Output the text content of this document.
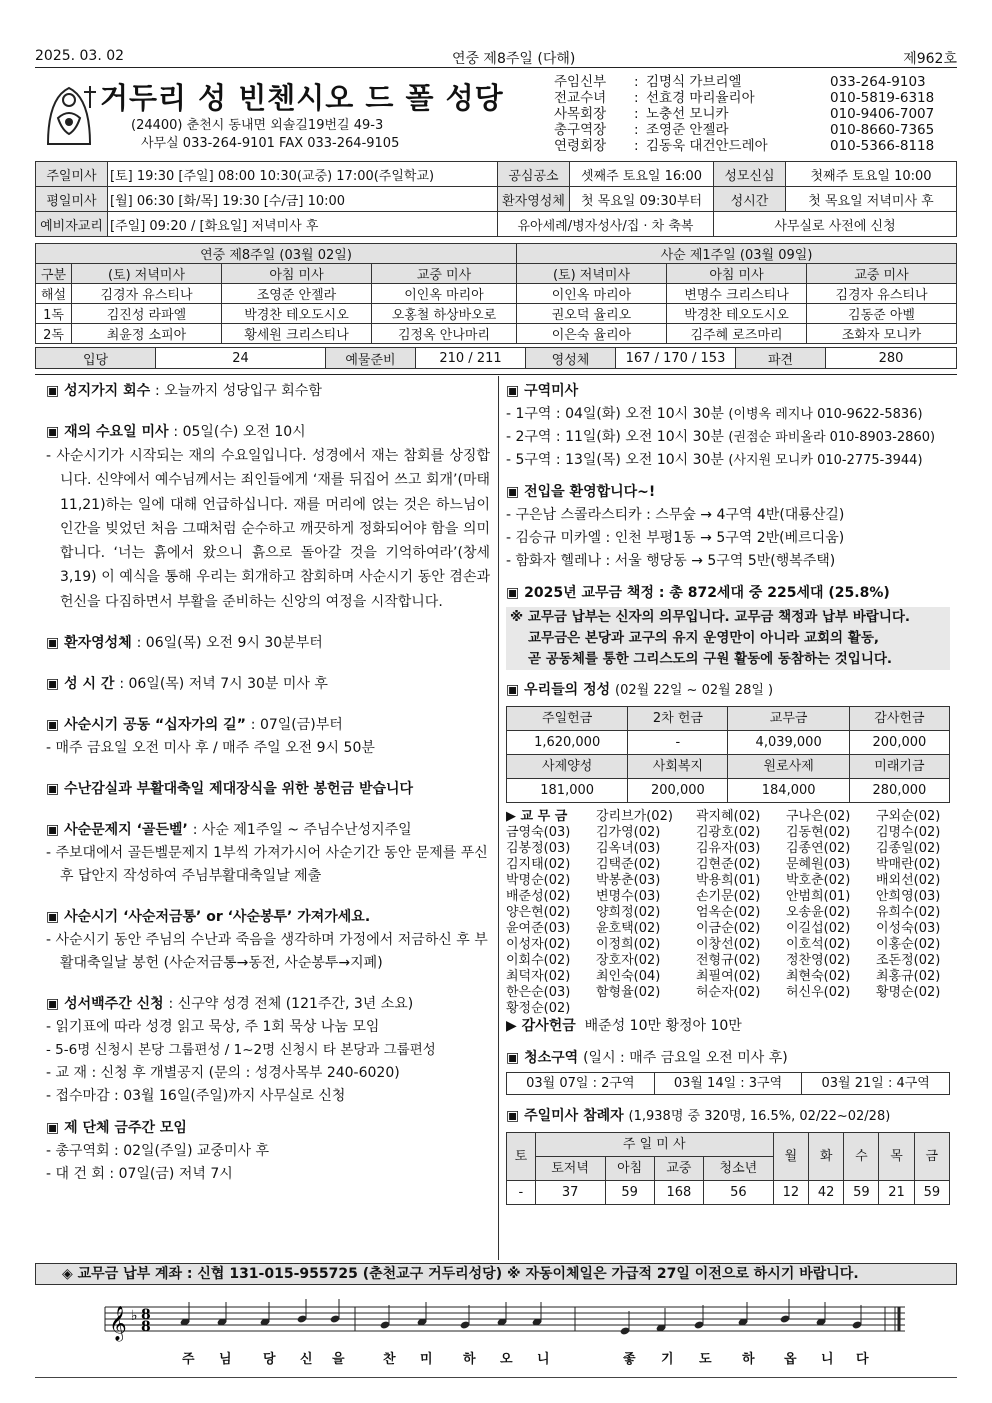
2025. 03. 02	연중 제8주일 (다해)	제962호
거두리 성 빈첸시오 드 폴 성당
(24400) 춘천시 동내면 외솔길19번길 49-3
사무실 033-264-9101 FAX 033-264-9105
주임신부	: 김명식 가브리엘	033-264-9103
전교수녀	: 선효경 마리율리아	010-5819-6318
사목회장	: 노충선 모니카	010-9406-7007
총구역장	: 조영준 안젤라	010-8660-7365
연령회장	: 김동욱 대건안드레아	010-5366-8118
주일미사	[토] 19:30 [주일] 08:00 10:30(교중) 17:00(주일학교)	공심공소	셋째주 토요일 16:00	성모신심	첫째주 토요일 10:00
평일미사	[월] 06:30 [화/목] 19:30 [수/금] 10:00	환자영성체	첫 목요일 09:30부터	성시간	첫 목요일 저녁미사 후
예비자교리	[주일] 09:20 / [화요일] 저녁미사 후	유아세례/병자성사/집 · 차 축복		사무실로 사전에 신청	
연중 제8주일 (03월 02일)				사순 제1주일 (03월 09일)		
구분	(토) 저녁미사	아침 미사	교중 미사	(토) 저녁미사	아침 미사	교중 미사
해설	김경자 유스티나	조영준 안젤라	이인옥 마리아	이인옥 마리아	변명수 크리스티나	김경자 유스티나
1독	김진성 라파엘	박경찬 테오도시오	오홍철 하상바오로	권오덕 율리오	박경찬 테오도시오	김동준 아벨
2독	최윤정 소피아	황세원 크리스티나	김정옥 안나마리	이은숙 율리아	김주혜 로즈마리	조화자 모니카
입당	24	예물준비	210 / 211	영성체	167 / 170 / 153	파견	280
▣ 성지가지 회수 : 오늘까지 성당입구 회수함
▣ 재의 수요일 미사 : 05일(수) 오전 10시
- 사순시기가 시작되는 재의 수요일입니다. 성경에서 재는 참회를 상징합니다. 신약에서 예수님께서는 죄인들에게 ‘재를 뒤집어 쓰고 회개’(마태 11,21)하는 일에 대해 언급하십니다. 재를 머리에 얹는 것은 하느님이 인간을 빚었던 처음 그때처럼 순수하고 깨끗하게 정화되어야 함을 의미합니다. ‘너는 흙에서 왔으니 흙으로 돌아갈 것을 기억하여라’(창세 3,19) 이 예식을 통해 우리는 회개하고 참회하며 사순시기 동안 겸손과 헌신을 다짐하면서 부활을 준비하는 신앙의 여정을 시작합니다.
▣ 환자영성체 : 06일(목) 오전 9시 30분부터
▣ 성 시 간 : 06일(목) 저녁 7시 30분 미사 후
▣ 사순시기 공동 “십자가의 길” : 07일(금)부터
- 매주 금요일 오전 미사 후 / 매주 주일 오전 9시 50분
▣ 수난감실과 부활대축일 제대장식을 위한 봉헌금 받습니다
▣ 사순문제지 ‘골든벨’ : 사순 제1주일 ~ 주님수난성지주일
- 주보대에서 골든벨문제지 1부씩 가져가시어 사순기간 동안 문제를 푸신 후 답안지 작성하여 주님부활대축일날 제출
▣ 사순시기 ‘사순저금통’ or ‘사순봉투’ 가져가세요.
- 사순시기 동안 주님의 수난과 죽음을 생각하며 가정에서 저금하신 후 부활대축일날 봉헌 (사순저금통→동전, 사순봉투→지폐)
▣ 성서백주간 신청 : 신구약 성경 전체 (121주간, 3년 소요)
- 읽기표에 따라 성경 읽고 묵상, 주 1회 묵상 나눔 모임
- 5-6명 신청시 본당 그룹편성 / 1~2명 신청시 타 본당과 그룹편성
- 교 재 : 신청 후 개별공지 (문의 : 성경사목부 240-6020)
- 접수마감 : 03월 16일(주일)까지 사무실로 신청
▣ 제 단체 금주간 모임
- 총구역회 : 02일(주일) 교중미사 후
- 대 건 회 : 07일(금) 저녁 7시
▣ 구역미사
- 1구역 : 04일(화) 오전 10시 30분 (이병옥 레지나 010-9622-5836)
- 2구역 : 11일(화) 오전 10시 30분 (권점순 파비올라 010-8903-2860)
- 5구역 : 13일(목) 오전 10시 30분 (사지원 모니카 010-2775-3944)
▣ 전입을 환영합니다~!
- 구은남 스콜라스티카 : 스무숲 → 4구역 4반(대룡산길)
- 김승규 미카엘 : 인천 부평1동 → 5구역 2반(베르디움)
- 함화자 헬레나 : 서울 행당동 → 5구역 5반(행복주택)
▣ 2025년 교무금 책정 : 총 872세대 중 225세대 (25.8%)
※ 교무금 납부는 신자의 의무입니다. 교무금 책정과 납부 바랍니다.
교무금은 본당과 교구의 유지 운영만이 아니라 교회의 활동,
곧 공동체를 통한 그리스도의 구원 활동에 동참하는 것입니다.
▣ 우리들의 정성 (02월 22일 ~ 02월 28일 )
주일헌금	2차 헌금	교무금	감사헌금
1,620,000	-	4,039,000	200,000
사제양성	사회복지	원로사제	미래기금
181,000	200,000	184,000	280,000
▶ 교 무 금	강리브가(02)	곽지혜(02)	구나은(02)	구외순(02)
금영숙(03)	김가영(02)	김광호(02)	김동현(02)	김명수(02)
김봉정(03)	김옥녀(03)	김유자(03)	김종연(02)	김종일(02)
김지태(02)	김택준(02)	김현준(02)	문혜원(03)	박매란(02)
박명순(02)	박봉춘(03)	박용희(01)	박호춘(02)	배외선(02)
배준성(02)	변명수(03)	손기문(02)	안범희(01)	안희영(03)
양은현(02)	양희정(02)	엄옥순(02)	오송윤(02)	유희수(02)
윤여준(03)	윤호택(02)	이금순(02)	이길섭(02)	이성숙(03)
이성자(02)	이정희(02)	이창선(02)	이호석(02)	이홍순(02)
이회수(02)	장호자(02)	전형규(02)	정찬영(02)	조돈정(02)
최덕자(02)	최인숙(04)	최필여(02)	최현숙(02)	최홍규(02)
한은순(03)	함형율(02)	허순자(02)	허신우(02)	황명순(02)
황정순(02)
▶ 감사헌금 배준성 10만 황정아 10만
▣ 청소구역 (일시 : 매주 금요일 오전 미사 후)
03월 07일 : 2구역	03월 14일 : 3구역	03월 21일 : 4구역
▣ 주일미사 참례자 (1,938명 중 320명, 16.5%, 02/22~02/28)
토	주 일 미 사				월	화	수	목	금
	토저녁	아침	교중	청소년					
-	37	59	168	56	12	42	59	21	59
◈ 교무금 납부 계좌 : 신협 131-015-955725 (춘천교구 거두리성당) ※ 자동이체일은 가급적 27일 이전으로 하시기 바랍니다.
𝄞 ♭ 8
8
주 님 당 신 을	찬 미 하 오 니	좋 기 도 하 옵 니 다
